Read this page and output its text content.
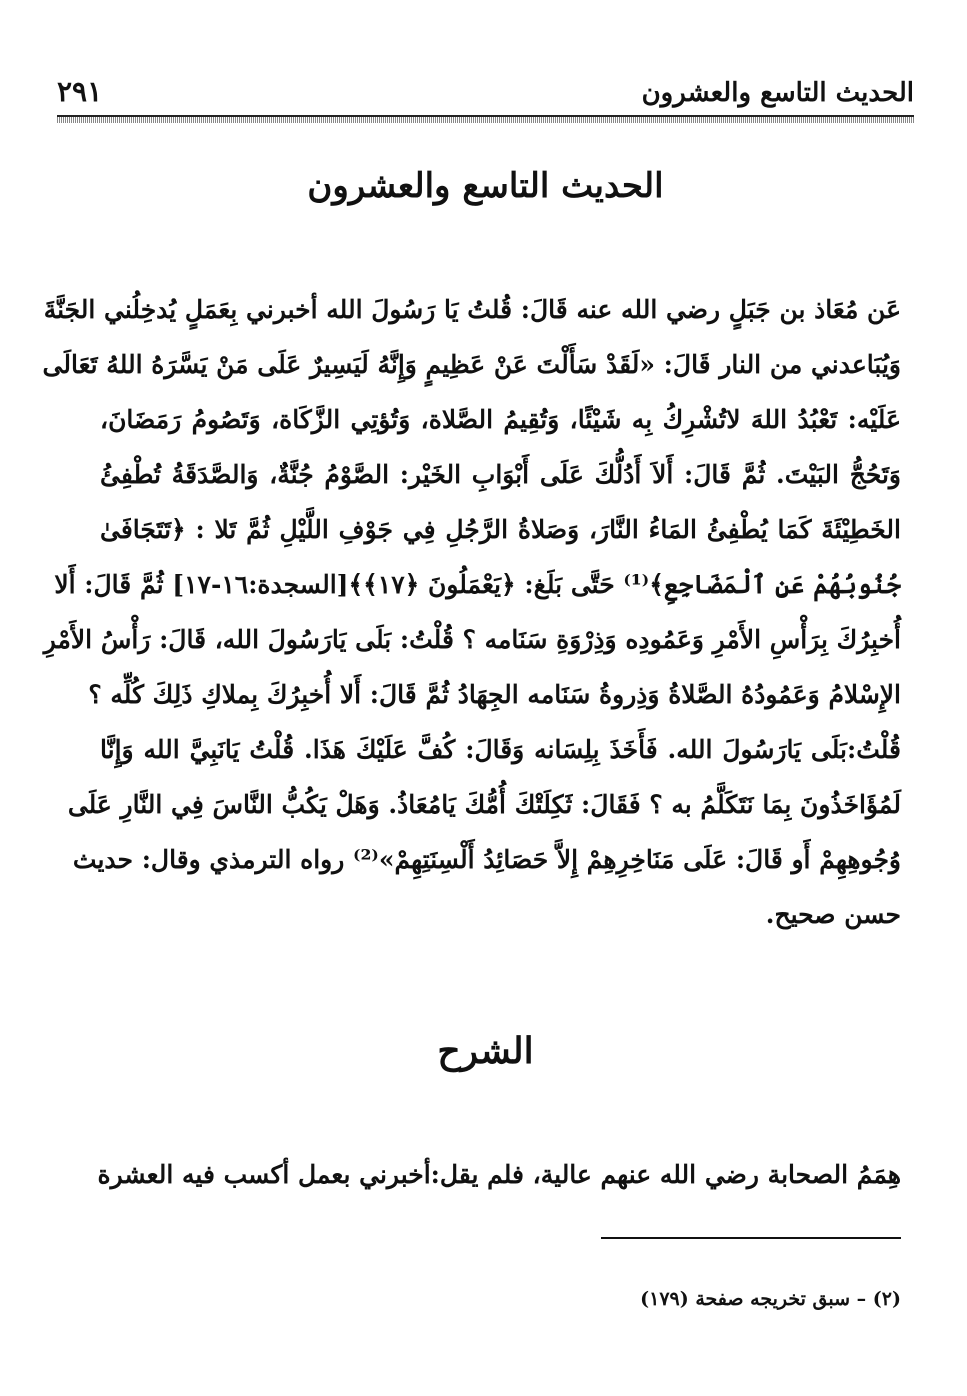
٢٩١	الحديث التاسع والعشرون
الحديث التاسع والعشرون
عَن مُعَاذ بن جَبَلٍ رضي الله عنه قَالَ: قُلتُ يَا رَسُولَ الله أخبرني بِعَمَلٍ يُدخِلُني الجَنَّةَ
وَيُبَاعدني من النار قَالَ: «لَقَدْ سَأَلْتَ عَنْ عَظِيمٍ وَإِنَّهُ لَيَسِيرٌ عَلَى مَنْ يَسَّرَهُ اللهُ تَعَالَى
عَلَيْه: تَعْبُدُ اللهَ لاتُشْرِكُ بِه شَيْئًا، وَتُقِيمُ الصَّلاة، وَتُؤتِي الزَّكَاة، وَتَصُومُ رَمَضَانَ،
وَتَحُجُّ البَيْتَ. ثُمَّ قَالَ: أَلاَ أَدُلُّكَ عَلَى أَبْوَابِ الخَيْر: الصَّوْمُ جُنَّةٌ، وَالصَّدَقَةُ تُطْفِئُ
الخَطِيْئَةَ كَمَا يُطْفِئُ المَاءُ النَّارَ، وَصَلاةُ الرَّجُلِ فِي جَوْفِ اللَّيْلِ ثُمَّ تَلا : ﴿تَتَجَافَىٰ
جُنُوبُهُمْ عَنِ ٱلْمَضَاجِعِ﴾⁽¹⁾ حَتَّى بَلَغ: ﴿يَعْمَلُونَ ﴿١٧﴾﴾[السجدة:١٦-١٧] ثُمَّ قَالَ: أَلا
أُخبِرُكَ بِرَأْسِ الأَمْرِ وَعَمُودِه وَذِرْوَةِ سَنَامه ؟ قُلْتُ: بَلَى يَارَسُولَ الله، قَالَ: رَأْسُ الأَمْرِ
الإِسْلامُ وَعَمُودُهُ الصَّلاةُ وَذِروةُ سَنَامه الجِهَادُ ثُمَّ قَالَ: أَلا أُخبِرُكَ بِملاكِ ذَلِكَ كُلِّه ؟
قُلْتُ:بَلَى يَارَسُولَ الله. فَأَخَذَ بِلِسَانه وَقَالَ: كُفَّ عَلَيْكَ هَذَا. قُلْتُ يَانَبِيَّ الله وَإِنَّا
لَمُؤَاخَذُونَ بِمَا نَتَكَلَّمُ به ؟ فَقَالَ: ثَكِلَتْكَ أُمُّكَ يَامُعَاذُ. وَهَلْ يَكُبُّ النَّاسَ فِي النَّارِ عَلَى
وُجُوهِهِمْ أَو قَالَ: عَلَى مَنَاخِرِهِمْ إِلاَّ حَصَائِدُ أَلْسِنَتِهِمْ»⁽²⁾ رواه الترمذي وقال: حديث
حسن صحيح.
الشرح

هِمَمُ الصحابة رضي الله عنهم عالية، فلم يقل:أخبرني بعمل أكسب فيه العشرة

(٢) – سبق تخريجه صفحة (١٧٩)
